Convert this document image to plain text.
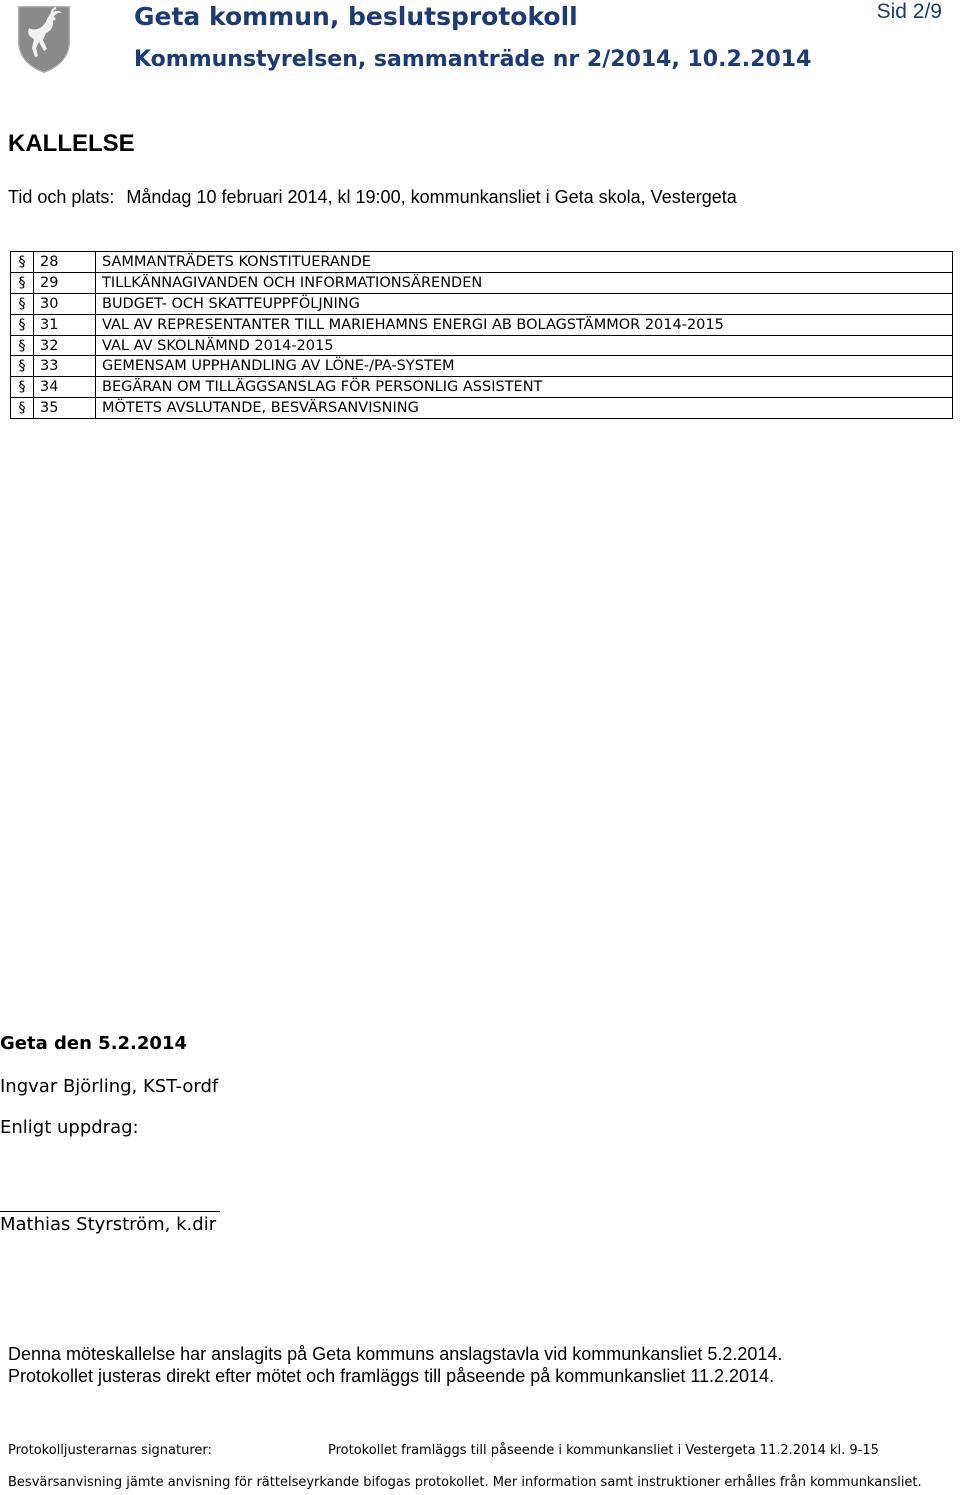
Geta kommun, beslutsprotokoll
Kommunstyrelsen, sammanträde nr 2/2014, 10.2.2014
Sid 2/9
KALLELSE
Tid och plats: Måndag 10 februari 2014, kl 19:00, kommunkansliet i Geta skola, Vestergeta
§	28	SAMMANTRÄDETS KONSTITUERANDE
§	29	TILLKÄNNAGIVANDEN OCH INFORMATIONSÄRENDEN
§	30	BUDGET- OCH SKATTEUPPFÖLJNING
§	31	VAL AV REPRESENTANTER TILL MARIEHAMNS ENERGI AB BOLAGSTÄMMOR 2014-2015
§	32	VAL AV SKOLNÄMND 2014-2015
§	33	GEMENSAM UPPHANDLING AV LÖNE-/PA-SYSTEM
§	34	BEGÄRAN OM TILLÄGGSANSLAG FÖR PERSONLIG ASSISTENT
§	35	MÖTETS AVSLUTANDE, BESVÄRSANVISNING
Geta den 5.2.2014
Ingvar Björling, KST-ordf
Enligt uppdrag:
Mathias Styrström, k.dir
Denna möteskallelse har anslagits på Geta kommuns anslagstavla vid kommunkansliet 5.2.2014.
Protokollet justeras direkt efter mötet och framläggs till påseende på kommunkansliet 11.2.2014.
Protokolljusterarnas signaturer:	Protokollet framläggs till påseende i kommunkansliet i Vestergeta 11.2.2014 kl. 9-15
Besvärsanvisning jämte anvisning för rättelseyrkande bifogas protokollet. Mer information samt instruktioner erhålles från kommunkansliet.
